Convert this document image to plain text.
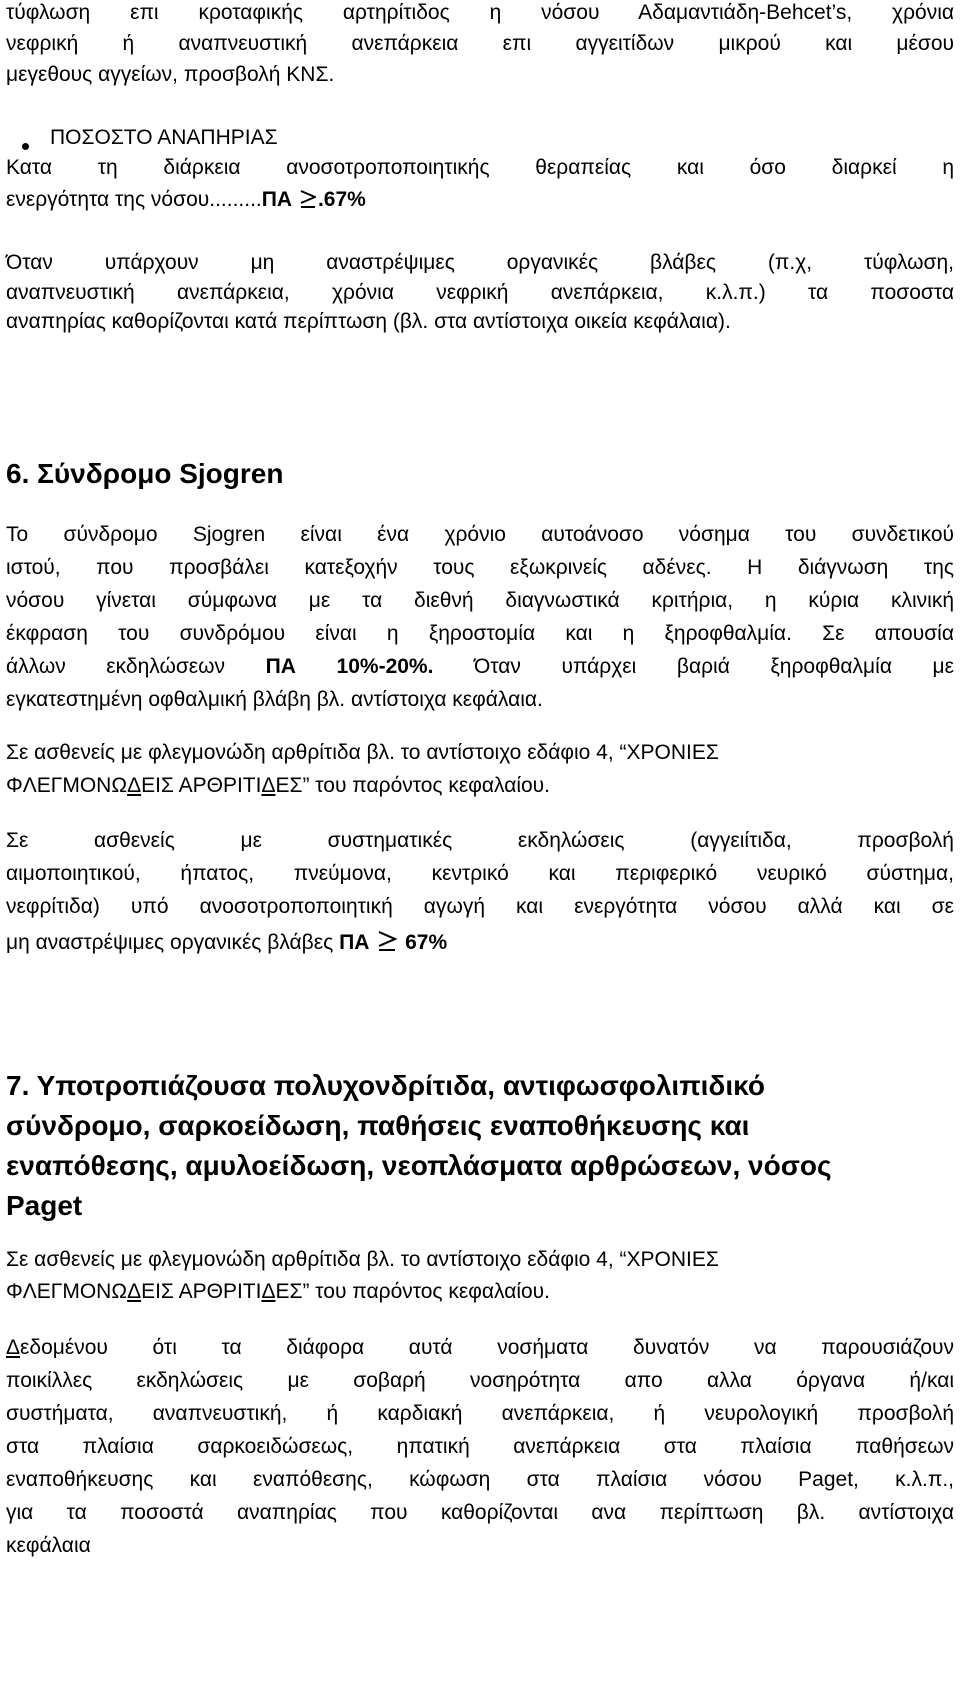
τύφλωση επι κροταφικής αρτηρίτιδος η νόσου Αδαμαντιάδη-Behcet’s, χρόνια
νεφρική ή αναπνευστική ανεπάρκεια επι αγγειτίδων μικρού και μέσου
μεγεθους αγγείων, προσβολή ΚΝΣ.
ΠΟΣΟΣΤΟ ΑΝΑΠΗΡΙΑΣ
Κατα τη διάρκεια ανοσοτροποποιητικής θεραπείας και όσο διαρκεί η
ενεργότητα της νόσου.........ΠΑ .67%
Όταν υπάρχουν μη αναστρέψιμες οργανικές βλάβες (π.χ, τύφλωση,
αναπνευστική ανεπάρκεια, χρόνια νεφρική ανεπάρκεια, κ.λ.π.) τα ποσοστα
αναπηρίας καθορίζονται κατά περίπτωση (βλ. στα αντίστοιχα οικεία κεφάλαια).
6. Σύνδρομο Sjogren
Το σύνδρομο Sjogren είναι ένα χρόνιο αυτοάνοσο νόσημα του συνδετικού
ιστού, που προσβάλει κατεξοχήν τους εξωκρινείς αδένες. Η διάγνωση της
νόσου γίνεται σύμφωνα με τα διεθνή διαγνωστικά κριτήρια, η κύρια κλινική
έκφραση του συνδρόμου είναι η ξηροστομία και η ξηροφθαλμία. Σε απουσία
άλλων εκδηλώσεων ΠΑ 10%-20%. Όταν υπάρχει βαριά ξηροφθαλμία με
εγκατεστημένη οφθαλμική βλάβη βλ. αντίστοιχα κεφάλαια.
Σε ασθενείς με φλεγμονώδη αρθρίτιδα βλ. το αντίστοιχο εδάφιο 4, “ΧΡΟΝΙΕΣ
ΦΛΕΓΜΟΝΩΔΕΙΣ ΑΡΘΡΙΤΙΔΕΣ” του παρόντος κεφαλαίου.
Σε ασθενείς με συστηματικές εκδηλώσεις (αγγειίτιδα, προσβολή
αιμοποιητικού, ήπατος, πνεύμονα, κεντρικό και περιφερικό νευρικό σύστημα,
νεφρίτιδα) υπό ανοσοτροποποιητική αγωγή και ενεργότητα νόσου αλλά και σε
μη αναστρέψιμες οργανικές βλάβες ΠΑ 67%
7. Υποτροπιάζουσα πολυχονδρίτιδα, αντιφωσφολιπιδικό
σύνδρομο, σαρκοείδωση, παθήσεις εναποθήκευσης και
εναπόθεσης, αμυλοείδωση, νεοπλάσματα αρθρώσεων, νόσος
Paget
Σε ασθενείς με φλεγμονώδη αρθρίτιδα βλ. το αντίστοιχο εδάφιο 4, “ΧΡΟΝΙΕΣ
ΦΛΕΓΜΟΝΩΔΕΙΣ ΑΡΘΡΙΤΙΔΕΣ” του παρόντος κεφαλαίου.
Δεδομένου ότι τα διάφορα αυτά νοσήματα δυνατόν να παρουσιάζουν
ποικίλλες εκδηλώσεις με σοβαρή νοσηρότητα απο αλλα όργανα ή/και
συστήματα, αναπνευστική, ή καρδιακή ανεπάρκεια, ή νευρολογική προσβολή
στα πλαίσια σαρκοειδώσεως, ηπατική ανεπάρκεια στα πλαίσια παθήσεων
εναποθήκευσης και εναπόθεσης, κώφωση στα πλαίσια νόσου Paget, κ.λ.π.,
για τα ποσοστά αναπηρίας που καθορίζονται ανα περίπτωση βλ. αντίστοιχα
κεφάλαια
